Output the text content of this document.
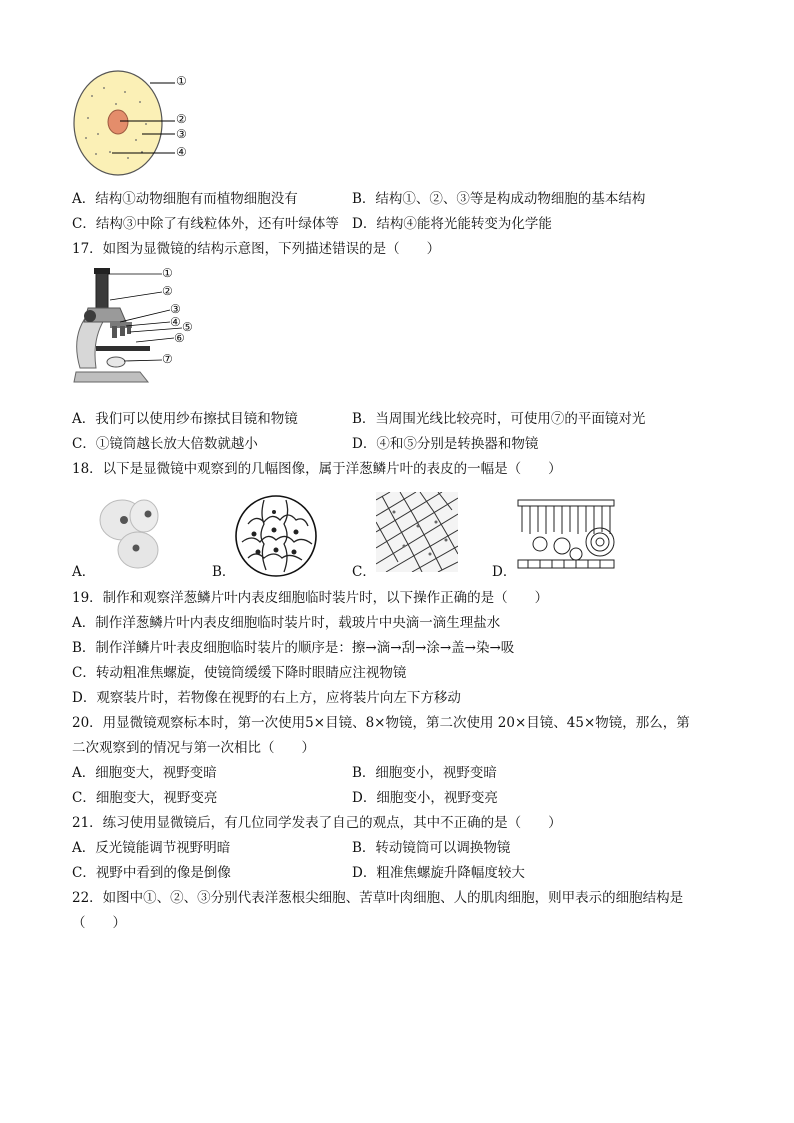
①
②
③
④
A．结构①动物细胞有而植物细胞没有	B．结构①、②、③等是构成动物细胞的基本结构
C．结构③中除了有线粒体外，还有叶绿体等 D．结构④能将光能转变为化学能
17．如图为显微镜的结构示意图，下列描述错误的是（　　）
①
②
③
④ ⑤
⑥
⑦
A．我们可以使用纱布擦拭目镜和物镜	B．当周围光线比较亮时，可使用⑦的平面镜对光
C．①镜筒越长放大倍数就越小	D．④和⑤分别是转换器和物镜
18．以下是显微镜中观察到的几幅图像，属于洋葱鳞片叶的表皮的一幅是（　　）
A．	B．	C．	D．
19．制作和观察洋葱鳞片叶内表皮细胞临时装片时，以下操作正确的是（　　）
A．制作洋葱鳞片叶内表皮细胞临时装片时，载玻片中央滴一滴生理盐水
B．制作洋鳞片叶表皮细胞临时装片的顺序是：擦→滴→刮→涂→盖→染→吸
C．转动粗准焦螺旋，使镜筒缓缓下降时眼睛应注视物镜
D．观察装片时，若物像在视野的右上方，应将装片向左下方移动
20．用显微镜观察标本时，第一次使用5×目镜、8×物镜，第二次使用 20×目镜、45×物镜，那么，第
二次观察到的情况与第一次相比（　　）
A．细胞变大，视野变暗	B．细胞变小，视野变暗
C．细胞变大，视野变亮	D．细胞变小，视野变亮
21．练习使用显微镜后，有几位同学发表了自己的观点，其中不正确的是（　　）
A．反光镜能调节视野明暗	B．转动镜筒可以调换物镜
C．视野中看到的像是倒像	D．粗准焦螺旋升降幅度较大
22．如图中①、②、③分别代表洋葱根尖细胞、苦草叶肉细胞、人的肌肉细胞，则甲表示的细胞结构是
（　　）
